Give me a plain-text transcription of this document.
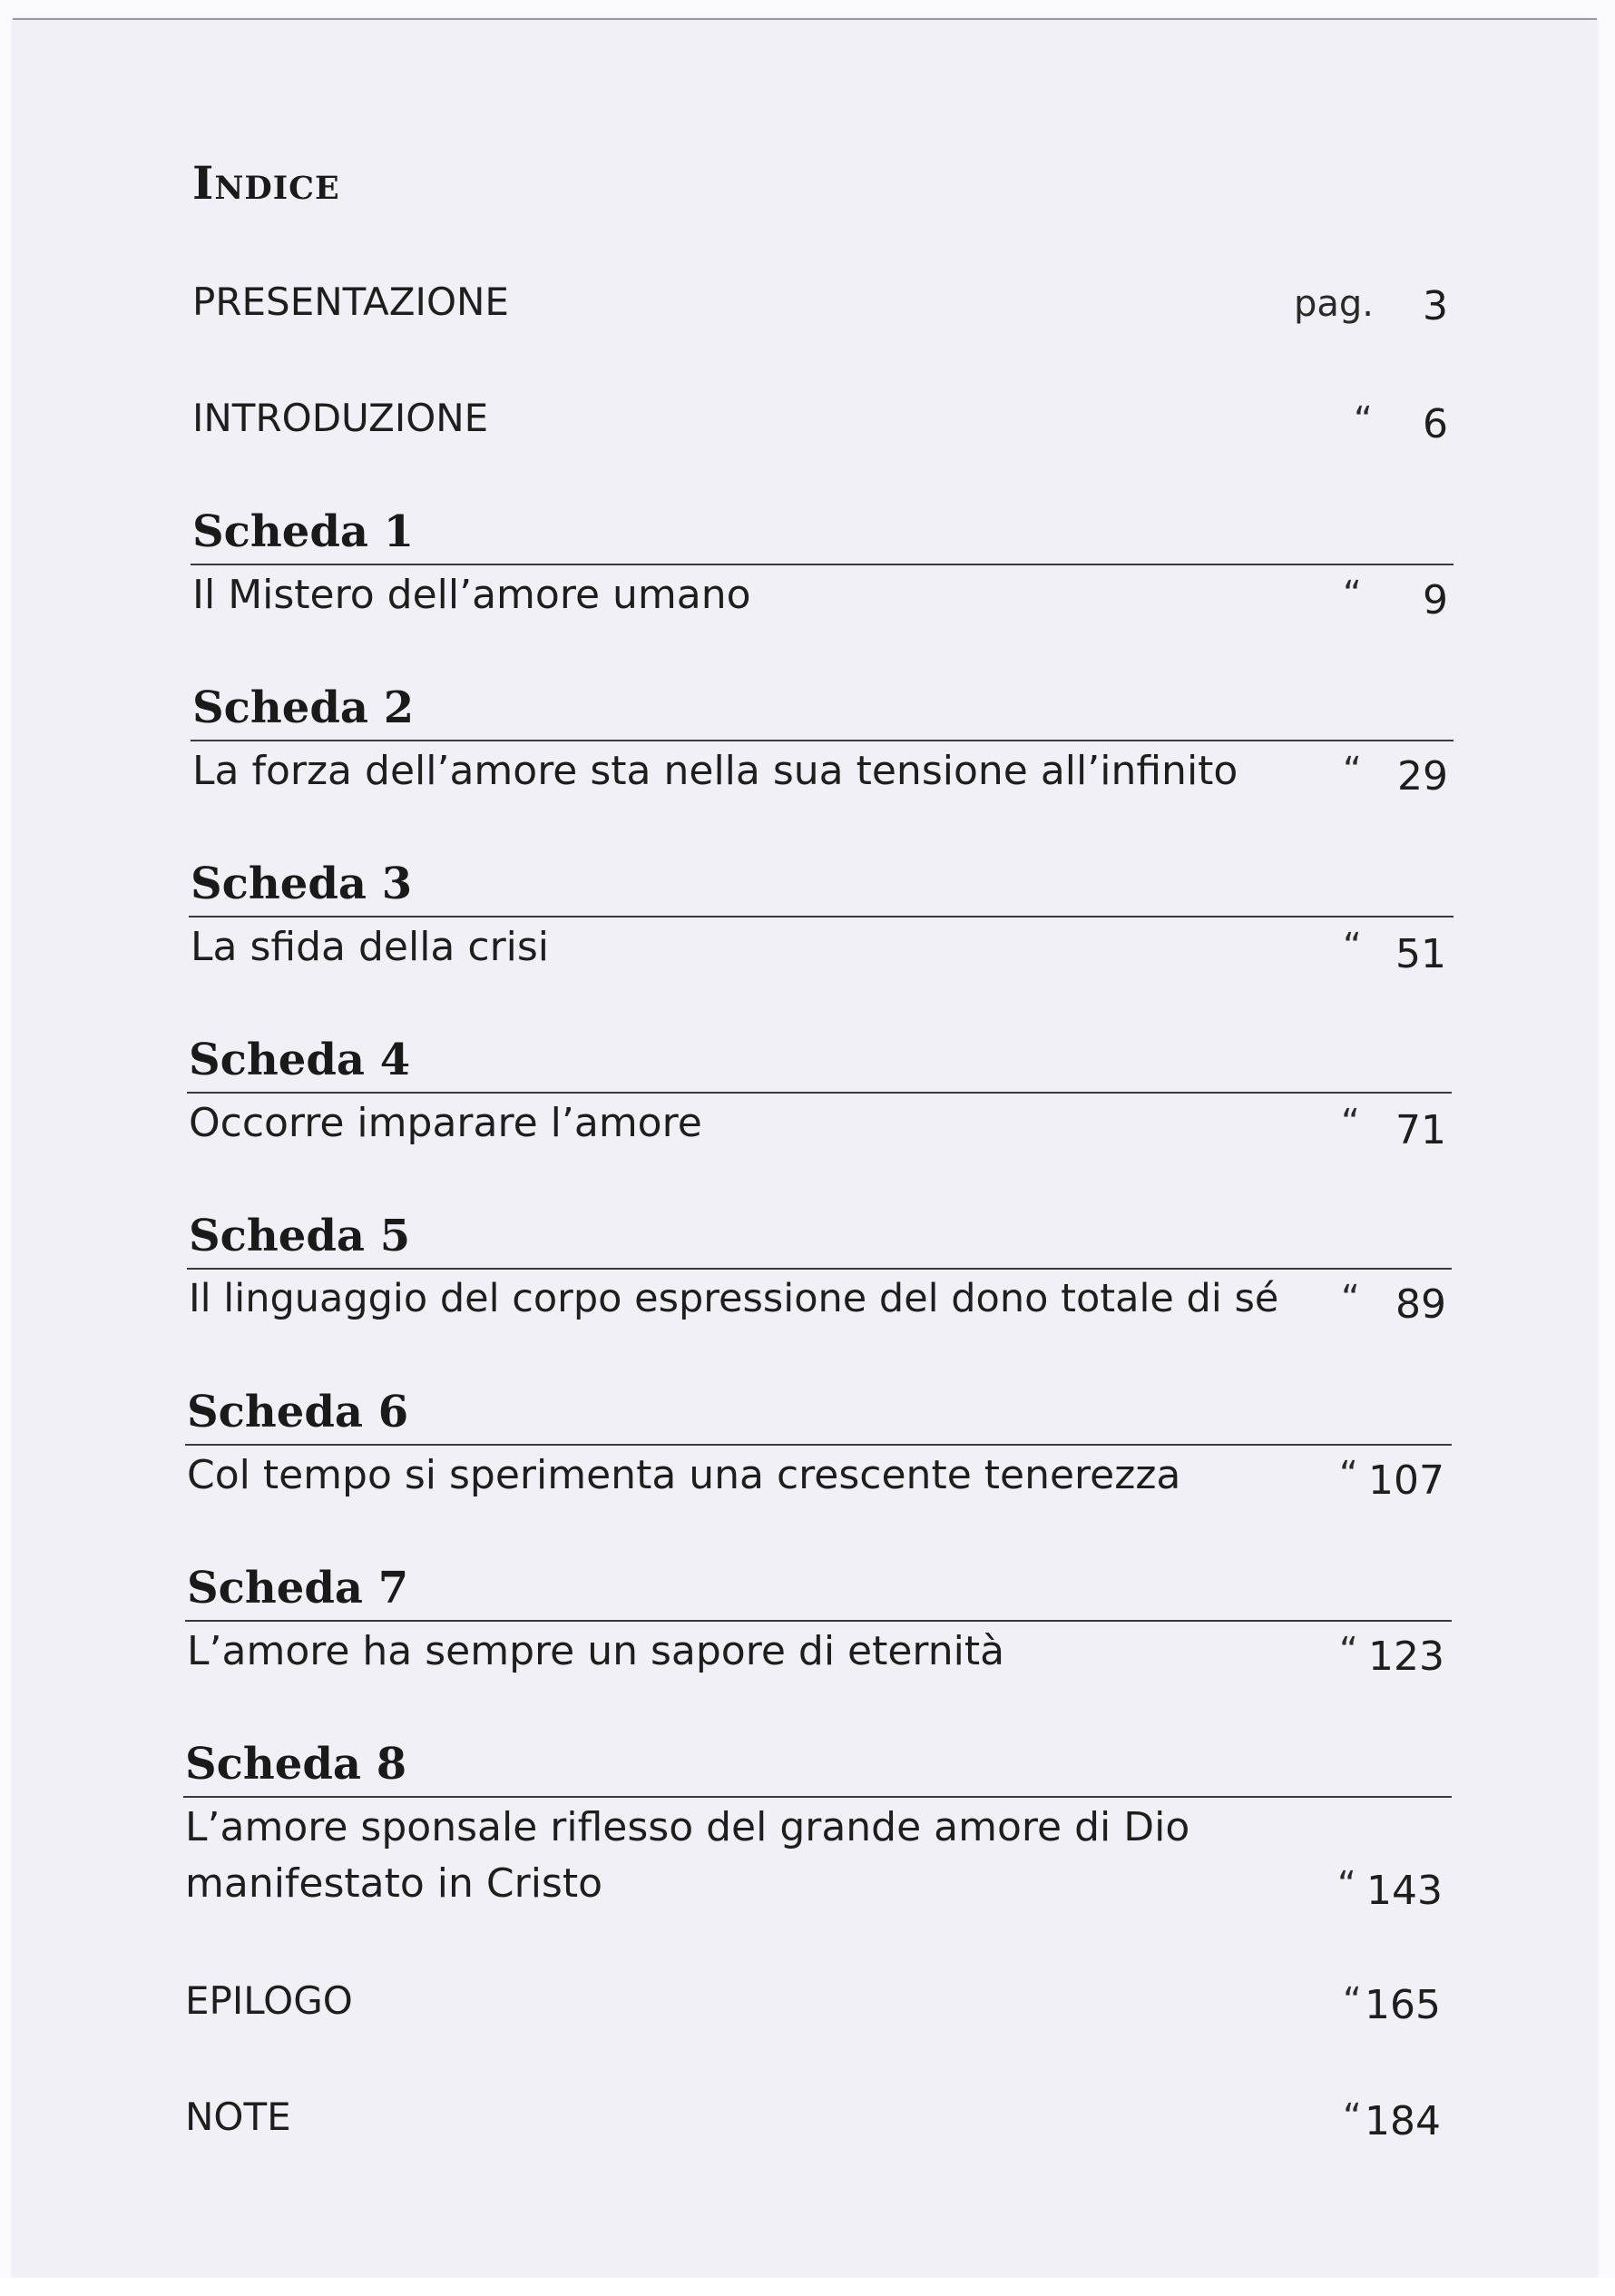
Indice
PRESENTAZIONE	pag. 3
INTRODUZIONE	“ 6
Scheda 1
Il Mistero dell’amore umano	“ 9
Scheda 2
La forza dell’amore sta nella sua tensione all’infinito	“ 29
Scheda 3
La sfida della crisi	“ 51
Scheda 4
Occorre imparare l’amore	“ 71
Scheda 5
Il linguaggio del corpo espressione del dono totale di sé “ 89
Scheda 6
Col tempo si sperimenta una crescente tenerezza	“ 107
Scheda 7
L’amore ha sempre un sapore di eternità	“ 123
Scheda 8
L’amore sponsale riflesso del grande amore di Dio
manifestato in Cristo	“ 143
EPILOGO	“ 165
NOTE	“ 184
